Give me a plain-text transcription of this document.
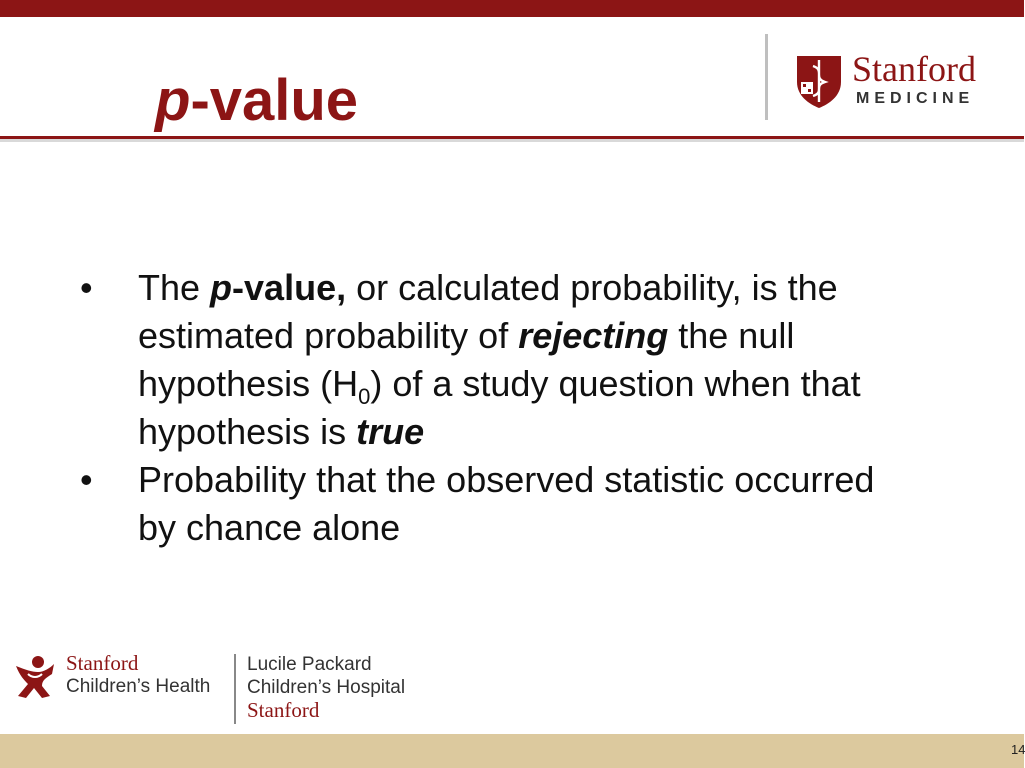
p-value	Stanford
MEDICINE
•	The p-value, or calculated probability, is the
estimated probability of rejecting the null
hypothesis $(H_0)$ of a study question when that
hypothesis is true
•	Probability that the observed statistic occurred
by chance alone
Stanford
Children’s Health
Lucile Packard
Children’s Hospital
Stanford
14
